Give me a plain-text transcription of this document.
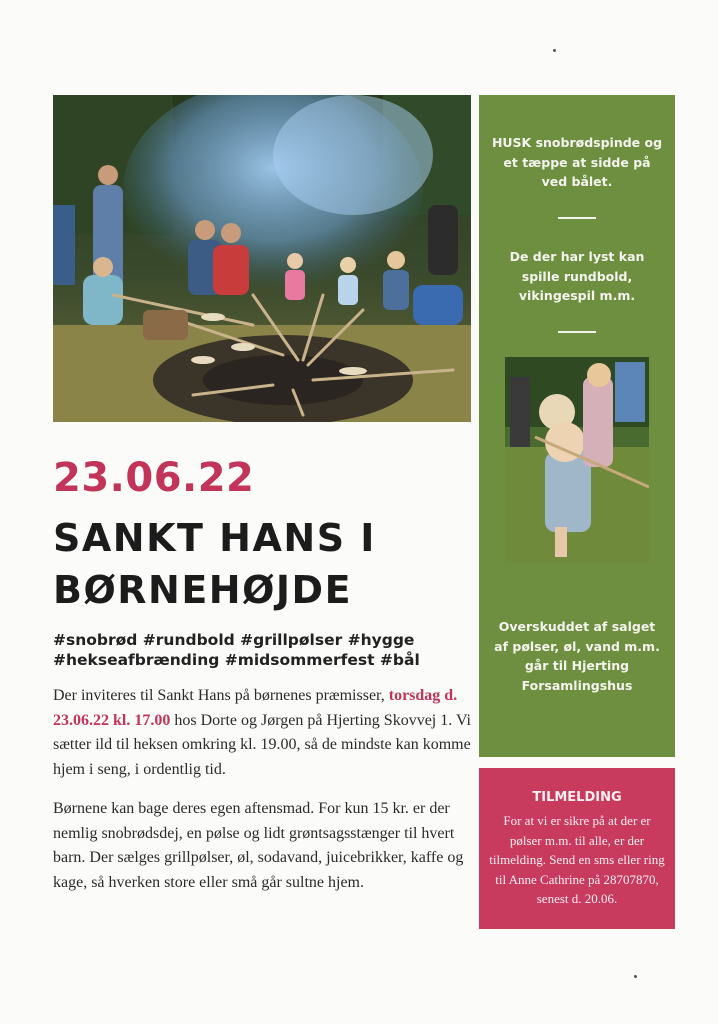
23.06.22
SANKT HANS I
BØRNEHØJDE
#snobrød #rundbold #grillpølser #hygge
#hekseafbrænding #midsommerfest #bål

Der inviteres til Sankt Hans på børnenes præmisser, torsdag d. 23.06.22 kl. 17.00 hos Dorte og Jørgen på Hjerting Skovvej 1. Vi sætter ild til heksen omkring kl. 19.00, så de mindste kan komme hjem i seng, i ordentlig tid.

Børnene kan bage deres egen aftensmad. For kun 15 kr. er der nemlig snobrødsdej, en pølse og lidt grøntsagsstænger til hvert barn. Der sælges grillpølser, øl, sodavand, juicebrikker, kaffe og kage, så hverken store eller små går sultne hjem.

HUSK snobrødspinde og et tæppe at sidde på ved bålet.
De der har lyst kan spille rundbold, vikingespil m.m.
Overskuddet af salget af pølser, øl, vand m.m. går til Hjerting Forsamlingshus
TILMELDING
For at vi er sikre på at der er pølser m.m. til alle, er der tilmelding. Send en sms eller ring til Anne Cathrine på 28707870, senest d. 20.06.
